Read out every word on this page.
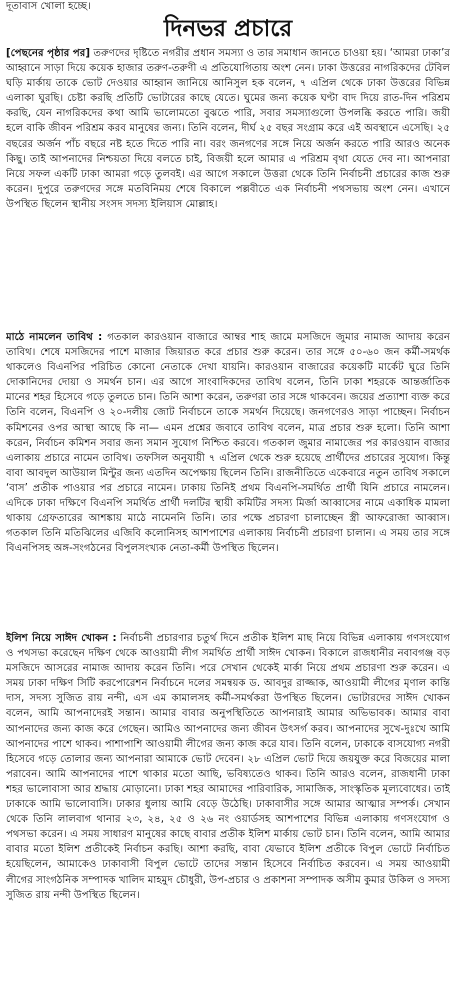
দূতাবাস খোলা হচ্ছে।
দিনভর প্রচারে

[পেছনের পৃষ্ঠার পর] তরুণদের দৃষ্টিতে নগরীর প্রধান সমস্যা ও তার সমাধান জানতে চাওয়া হয়। ‘আমরা ঢাকা’র আহ্বানে সাড়া দিয়ে কয়েক হাজার তরুণ-তরুণী এ প্রতিযোগিতায় অংশ নেন। ঢাকা উত্তরের নাগরিকদের টেবিল ঘড়ি মার্কায় তাকে ভোট দেওয়ার আহ্বান জানিয়ে আনিসুল হক বলেন, ৭ এপ্রিল থেকে ঢাকা উত্তরের বিভিন্ন এলাকা ঘুরছি। চেষ্টা করছি প্রতিটি ভোটারের কাছে যেতে। ঘুমের জন্য কয়েক ঘণ্টা বাদ দিয়ে রাত-দিন পরিশ্রম করছি, যেন নাগরিকদের কথা আমি ভালোমতো বুঝতে পারি, সবার সমস্যাগুলো উপলব্ধি করতে পারি। জয়ী হলে বাকি জীবন পরিশ্রম করব মানুষের জন্য। তিনি বলেন, দীর্ঘ ২৫ বছর সংগ্রাম করে এই অবস্থানে এসেছি। ২৫ বছরের অর্জন পাঁচ বছরে নষ্ট হতে দিতে পারি না। বরং জনগণের সঙ্গে নিয়ে অর্জন করতে পারি আরও অনেক কিছু। তাই আপনাদের নিশ্চয়তা দিয়ে বলতে চাই, বিজয়ী হলে আমার এ পরিশ্রম বৃথা যেতে দেব না। আপনারা নিয়ে সফল একটি ঢাকা আমরা গড়ে তুলবই। এর আগে সকালে উত্তরা থেকে তিনি নির্বাচনী প্রচারের কাজ শুরু করেন। দুপুরে তরুণদের সঙ্গে মতবিনিময় শেষে বিকালে পল্লবীতে এক নির্বাচনী পথসভায় অংশ নেন। এখানে উপস্থিত ছিলেন স্থানীয় সংসদ সদস্য ইলিয়াস মোল্লাহ।

মাঠে নামলেন তাবিথ : গতকাল কারওয়ান বাজারে আম্বর শাহ জামে মসজিদে জুমার নামাজ আদায় করেন তাবিথ। শেষে মসজিদের পাশে মাজার জিয়ারত করে প্রচার শুরু করেন। তার সঙ্গে ৫০-৬০ জন কর্মী-সমর্থক থাকলেও বিএনপির পরিচিত কোনো নেতাকে দেখা যায়নি। কারওয়ান বাজারের কয়েকটি মার্কেট ঘুরে তিনি দোকানিদের দোয়া ও সমর্থন চান। এর আগে সাংবাদিকদের তাবিথ বলেন, তিনি ঢাকা শহরকে আন্তর্জাতিক মানের শহর হিসেবে গড়ে তুলতে চান। তিনি আশা করেন, তরুণরা তার সঙ্গে থাকবেন। জয়ের প্রত্যাশা ব্যক্ত করে তিনি বলেন, বিএনপি ও ২০-দলীয় জোট নির্বাচনে তাকে সমর্থন দিয়েছে। জনগণেরও সাড়া পাচ্ছেন। নির্বাচন কমিশনের ওপর আস্থা আছে কি না— এমন প্রশ্নের জবাবে তাবিথ বলেন, মাত্র প্রচার শুরু হলো। তিনি আশা করেন, নির্বাচন কমিশন সবার জন্য সমান সুযোগ নিশ্চিত করবে। গতকাল জুমার নামাজের পর কারওয়ান বাজার এলাকায় প্রচারে নামেন তাবিথ। তফসিল অনুযায়ী ৭ এপ্রিল থেকে শুরু হয়েছে প্রার্থীদের প্রচারের সুযোগ। কিন্তু বাবা আবদুল আউয়াল মিন্টুর জন্য এতদিন অপেক্ষায় ছিলেন তিনি। রাজনীতিতে একেবারে নতুন তাবিথ সকালে ‘বাস’ প্রতীক পাওয়ার পর প্রচারে নামেন। ঢাকায় তিনিই প্রথম বিএনপি-সমর্থিত প্রার্থী যিনি প্রচারে নামলেন। এদিকে ঢাকা দক্ষিণে বিএনপি সমর্থিত প্রার্থী দলটির স্থায়ী কমিটির সদস্য মির্জা আব্বাসের নামে একাধিক মামলা থাকায় গ্রেফতারের আশঙ্কায় মাঠে নামেননি তিনি। তার পক্ষে প্রচারণা চালাচ্ছেন স্ত্রী আফরোজা আব্বাস। গতকাল তিনি মতিঝিলের এজিবি কলোনিসহ আশপাশের এলাকায় নির্বাচনী প্রচারণা চালান। এ সময় তার সঙ্গে বিএনপিসহ অঙ্গ-সংগঠনের বিপুলসংখ্যক নেতা-কর্মী উপস্থিত ছিলেন।

ইলিশ নিয়ে সাঈদ খোকন : নির্বাচনী প্রচারণার চতুর্থ দিনে প্রতীক ইলিশ মাছ নিয়ে বিভিন্ন এলাকায় গণসংযোগ ও পথসভা করেছেন দক্ষিণ থেকে আওয়ামী লীগ সমর্থিত প্রার্থী সাঈদ খোকন। বিকালে রাজধানীর নবাবগঞ্জ বড় মসজিদে আসরের নামাজ আদায় করেন তিনি। পরে সেখান থেকেই মার্কা নিয়ে প্রথম প্রচারণা শুরু করেন। এ সময় ঢাকা দক্ষিণ সিটি করপোরেশন নির্বাচনে দলের সমন্বয়ক ড. আবদুর রাজ্জাক, আওয়ামী লীগের মৃণাল কান্তি দাস, সদস্য সুজিত রায় নন্দী, এস এম কামালসহ কর্মী-সমর্থকরা উপস্থিত ছিলেন। ভোটারদের সাঈদ খোকন বলেন, আমি আপনাদেরই সন্তান। আমার বাবার অনুপস্থিতিতে আপনারাই আমার অভিভাবক। আমার বাবা আপনাদের জন্য কাজ করে গেছেন। আমিও আপনাদের জন্য জীবন উৎসর্গ করব। আপনাদের সুখে-দুঃখে আমি আপনাদের পাশে থাকব। পাশাপাশি আওয়ামী লীগের জন্য কাজ করে যাব। তিনি বলেন, ঢাকাকে বাসযোগ্য নগরী হিসেবে গড়ে তোলার জন্য আপনারা আমাকে ভোট দেবেন। ২৮ এপ্রিল ভোট দিয়ে জয়যুক্ত করে বিজয়ের মালা পরাবেন। আমি আপনাদের পাশে থাকার মতো আছি, ভবিষ্যতেও থাকব। তিনি আরও বলেন, রাজধানী ঢাকা শহর ভালোবাসা আর শ্রদ্ধায় মোড়ানো। ঢাকা শহর আমাদের পারিবারিক, সামাজিক, সাংস্কৃতিক মূল্যবোধের। তাই ঢাকাকে আমি ভালোবাসি। ঢাকার ধুলায় আমি বেড়ে উঠেছি। ঢাকাবাসীর সঙ্গে আমার আত্মার সম্পর্ক। সেখান থেকে তিনি লালবাগ থানার ২৩, ২৪, ২৫ ও ২৬ নং ওয়ার্ডসহ আশপাশের বিভিন্ন এলাকায় গণসংযোগ ও পথসভা করেন। এ সময় সাধারণ মানুষের কাছে বাবার প্রতীক ইলিশ মার্কায় ভোট চান। তিনি বলেন, আমি আমার বাবার মতো ইলিশ প্রতীকেই নির্বাচন করছি। আশা করছি, বাবা যেভাবে ইলিশ প্রতীকে বিপুল ভোটে নির্বাচিত হয়েছিলেন, আমাকেও ঢাকাবাসী বিপুল ভোটে তাদের সন্তান হিসেবে নির্বাচিত করবেন। এ সময় আওয়ামী লীগের সাংগঠনিক সম্পাদক খালিদ মাহমুদ চৌধুরী, উপ-প্রচার ও প্রকাশনা সম্পাদক অসীম কুমার উকিল ও সদস্য সুজিত রায় নন্দী উপস্থিত ছিলেন।
